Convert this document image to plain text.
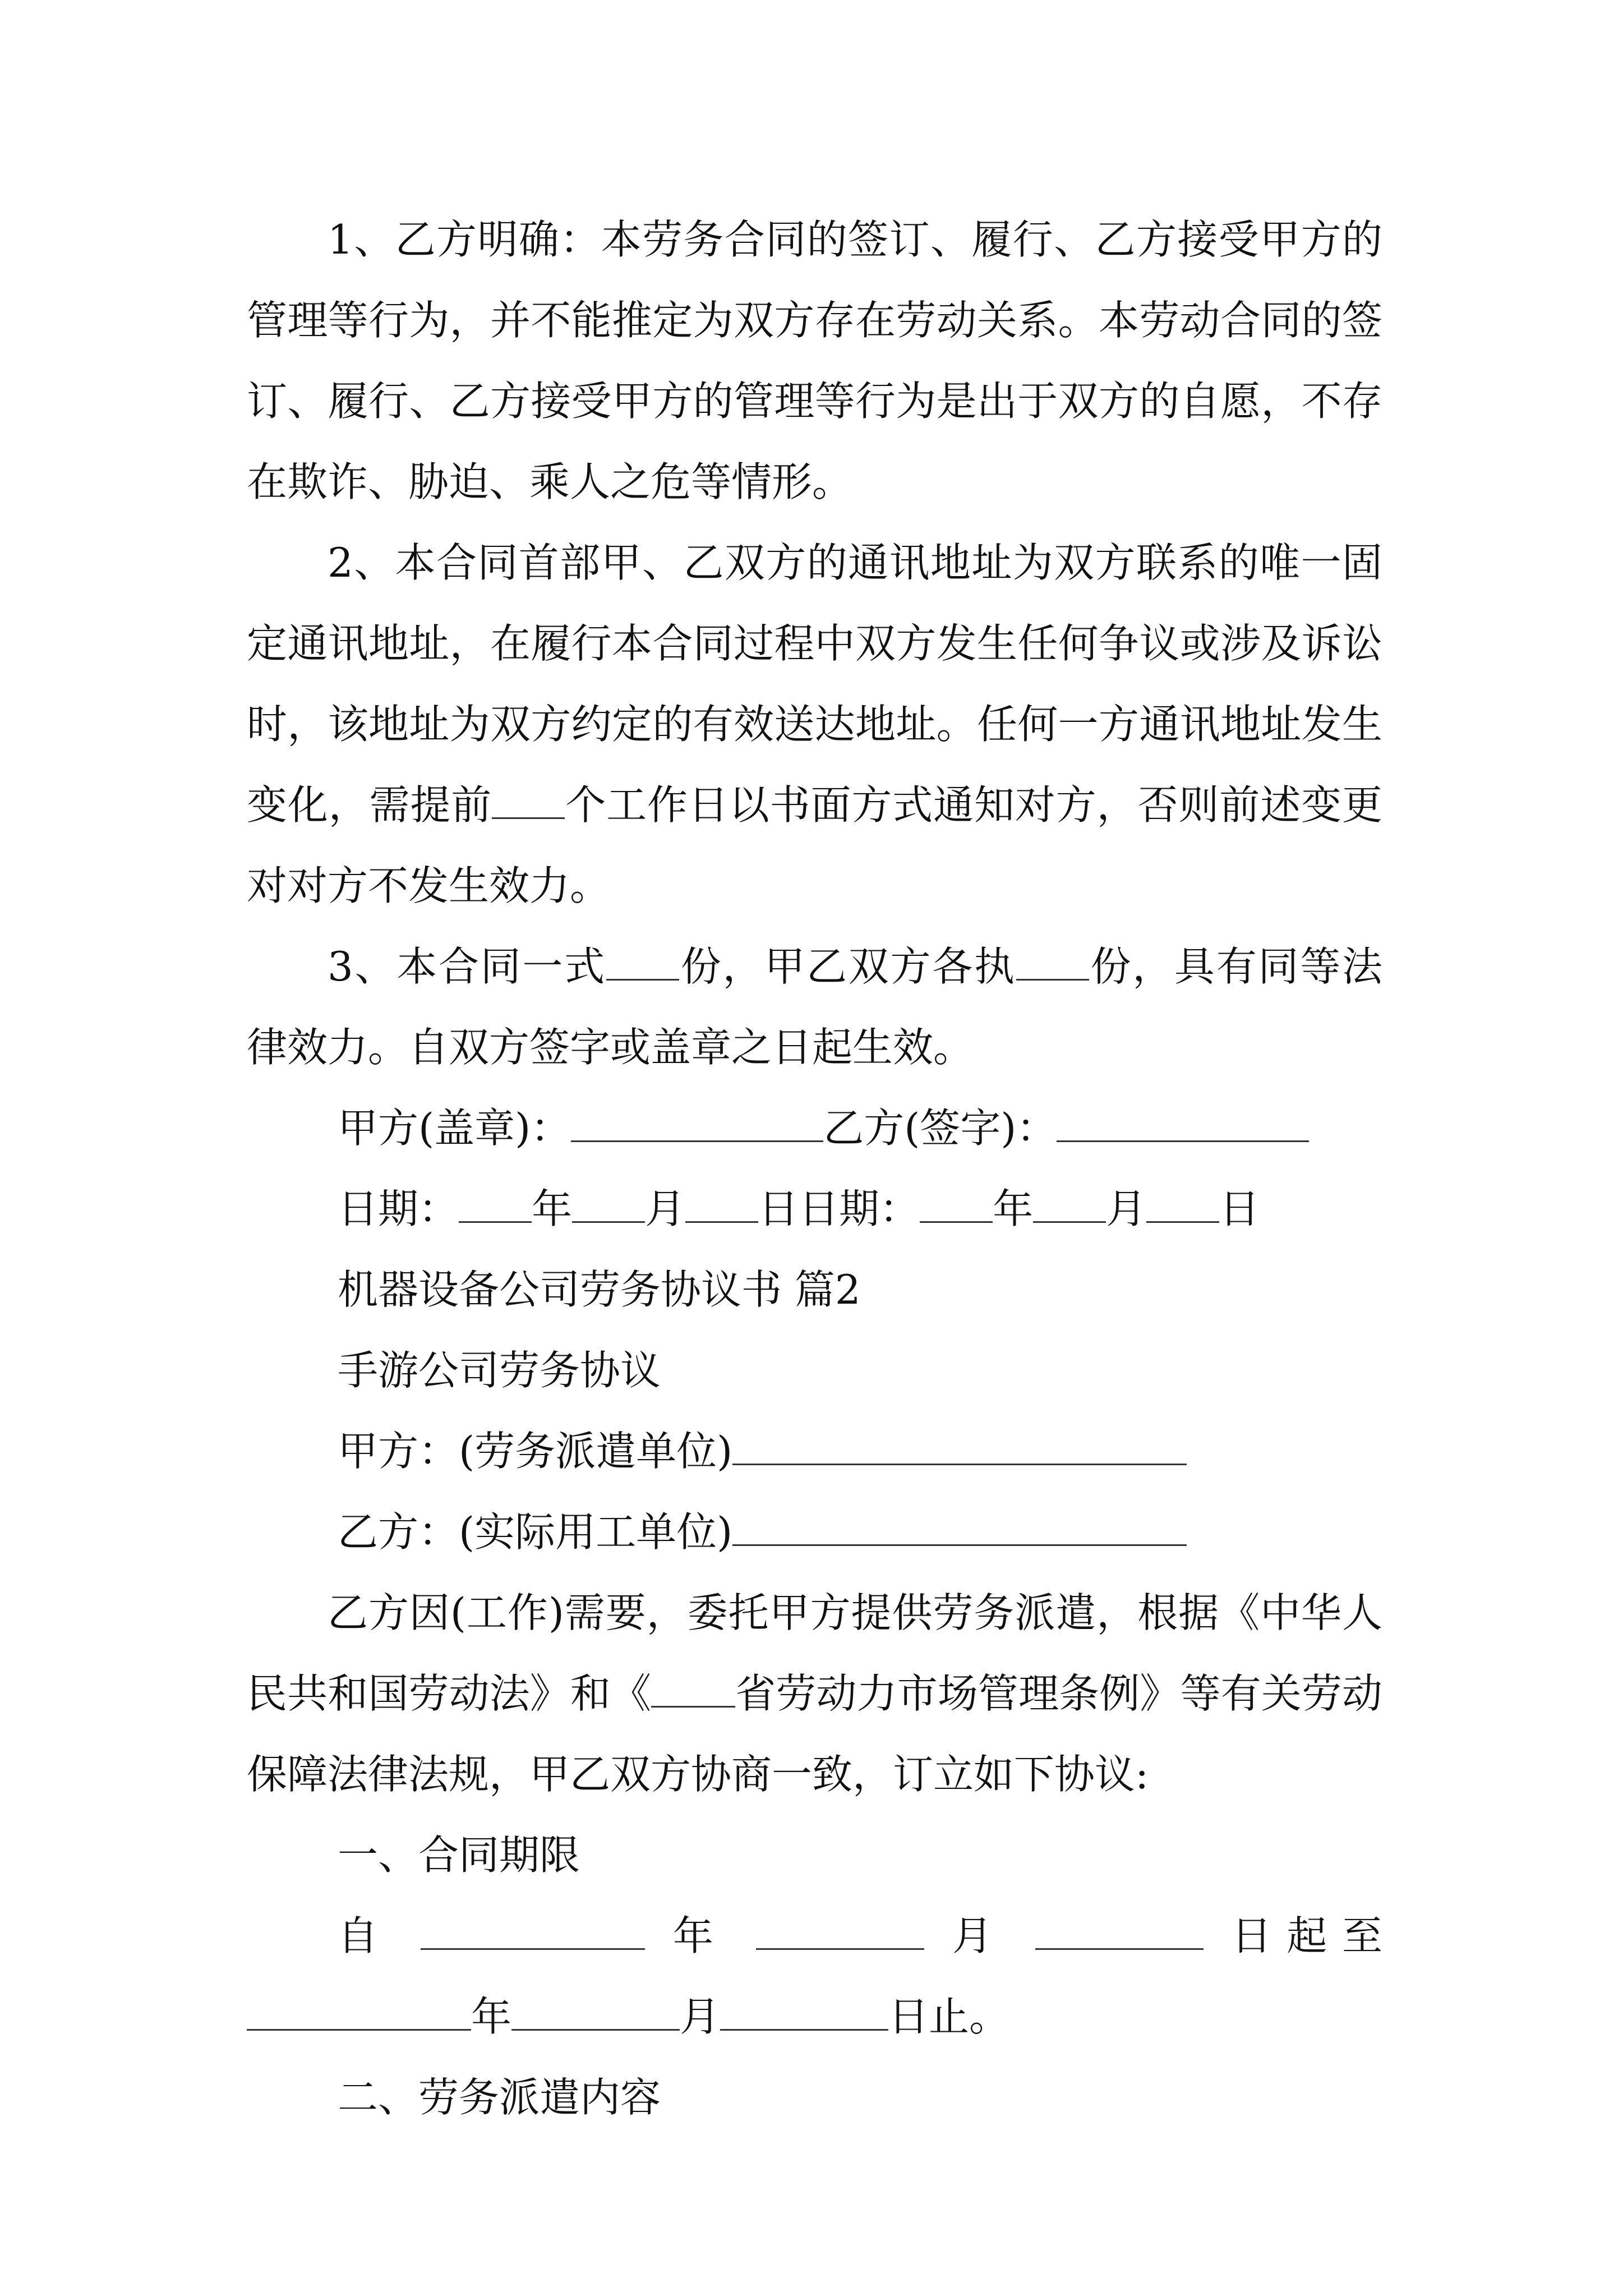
1、乙方明确：本劳务合同的签订、履行、乙方接受甲方的管理等行为，并不能推定为双方存在劳动关系。本劳动合同的签订、履行、乙方接受甲方的管理等行为是出于双方的自愿，不存在欺诈、胁迫、乘人之危等情形。

2、本合同首部甲、乙双方的通讯地址为双方联系的唯一固定通讯地址，在履行本合同过程中双方发生任何争议或涉及诉讼时，该地址为双方约定的有效送达地址。任何一方通讯地址发生变化，需提前 个工作日以书面方式通知对方，否则前述变更对对方不发生效力。

3、本合同一式 份，甲乙双方各执 份，具有同等法律效力。自双方签字或盖章之日起生效。

甲方(盖章)：	乙方(签字)：

日期： 年 月 日日期： 年 月 日

机器设备公司劳务协议书 篇2

手游公司劳务协议

甲方：(劳务派遣单位)

乙方：(实际用工单位)

乙方因(工作)需要，委托甲方提供劳务派遣，根据《中华人民共和国劳动法》和《 省劳动力市场管理条例》等有关劳动保障法律法规，甲乙双方协商一致，订立如下协议:

一、合同期限

自	年	月	日起至

年	月	日止。

二、劳务派遣内容
